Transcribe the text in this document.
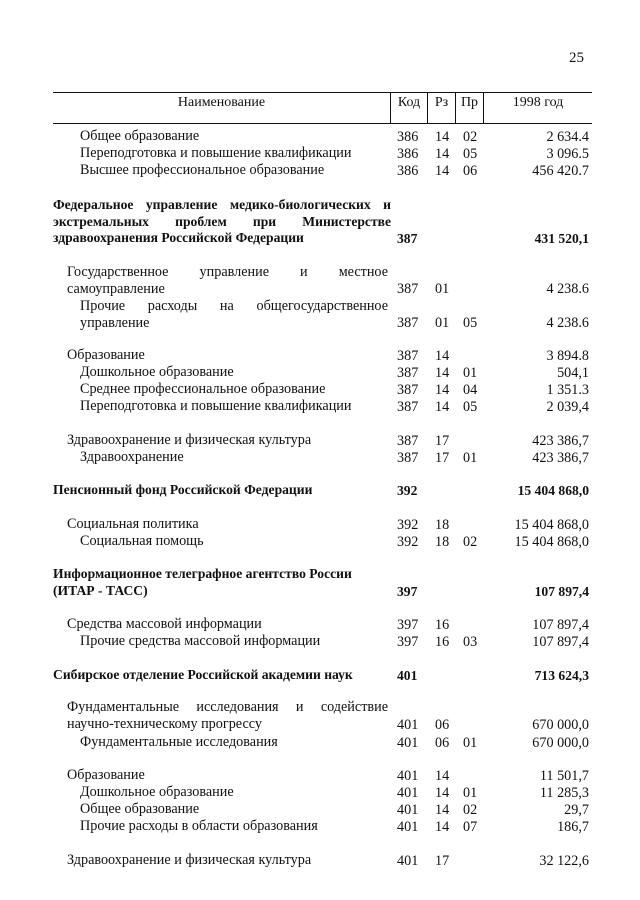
25
Наименование	Код	Рз Пр	1998 год
Общее образование	386 14 02	2 634.4
Переподготовка и повышение квалификации	386 14 05	3 096.5
Высшее профессиональное образование	386 14 06	456 420.7
Федеральное управление медико-биологических и экстремальных проблем при Министерстве здравоохранения Российской Федерации	387	431 520,1
Государственное управление и местное самоуправление	387 01	4 238.6
Прочие расходы на общегосударственное управление	387 01 05	4 238.6
Образование	387 14	3 894.8
Дошкольное образование	387 14 01	504,1
Среднее профессиональное образование	387 14 04	1 351.3
Переподготовка и повышение квалификации	387 14 05	2 039,4
Здравоохранение и физическая культура	387 17	423 386,7
Здравоохранение	387 17 01	423 386,7
Пенсионный фонд Российской Федерации	392	15 404 868,0
Социальная политика	392 18	15 404 868,0
Социальная помощь	392 18 02	15 404 868,0
Информационное телеграфное агентство России (ИТАР - ТАСС)	397	107 897,4
Средства массовой информации	397 16	107 897,4
Прочие средства массовой информации	397 16 03	107 897,4
Сибирское отделение Российской академии наук	401	713 624,3
Фундаментальные исследования и содействие научно-техническому прогрессу	401 06	670 000,0
Фундаментальные исследования	401 06 01	670 000,0
Образование	401 14	11 501,7
Дошкольное образование	401 14 01	11 285,3
Общее образование	401 14 02	29,7
Прочие расходы в области образования	401 14 07	186,7
Здравоохранение и физическая культура	401 17	32 122,6
